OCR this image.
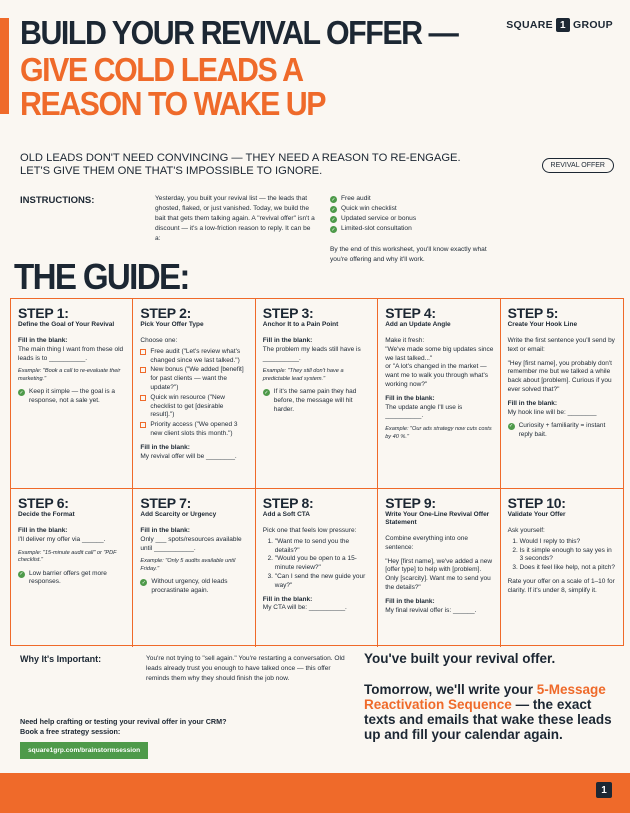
BUILD YOUR REVIVAL OFFER —
GIVE COLD LEADS A
REASON TO WAKE UP
SQUARE 1 GROUP
OLD LEADS DON'T NEED CONVINCING — THEY NEED A REASON TO RE-ENGAGE.
LET'S GIVE THEM ONE THAT'S IMPOSSIBLE TO IGNORE.	REVIVAL OFFER
INSTRUCTIONS:	Yesterday, you built your revival list — the leads that ghosted, flaked, or just vanished. Today, we build the bait that gets them talking again. A "revival offer" isn't a discount — it's a low-friction reason to reply. It can be a:
✓ Free audit
✓ Quick win checklist
✓ Updated service or bonus
✓ Limited-slot consultation
By the end of this worksheet, you'll know exactly what you're offering and why it'll work.
THE GUIDE:
STEP 1:
Define the Goal of Your Revival
Fill in the blank:
The main thing I want from these old leads is to __________.
Example: "Book a call to re-evaluate their marketing."
✓ Keep it simple — the goal is a response, not a sale yet.
STEP 2:
Pick Your Offer Type
Choose one:
Free audit ("Let's review what's changed since we last talked.")
New bonus ("We added [benefit] for past clients — want the update?")
Quick win resource ("New checklist to get [desirable result].")
Priority access ("We opened 3 new client slots this month.")
Fill in the blank:
My revival offer will be ________.
STEP 3:
Anchor It to a Pain Point
Fill in the blank:
The problem my leads still have is __________.
Example: "They still don't have a predictable lead system."
✓ If it's the same pain they had before, the message will hit harder.
STEP 4:
Add an Update Angle
Make it fresh:
"We've made some big updates since we last talked..."
or "A lot's changed in the market — want me to walk you through what's working now?"
Fill in the blank:
The update angle I'll use is __________.
Example: "Our ads strategy now cuts costs by 40 %."
STEP 5:
Create Your Hook Line
Write the first sentence you'll send by text or email:
"Hey [first name], you probably don't remember me but we talked a while back about [problem]. Curious if you ever solved that?"
Fill in the blank:
My hook line will be: ________
✓ Curiosity + familiarity = instant reply bait.
STEP 6:
Decide the Format
Fill in the blank:
I'll deliver my offer via ______.
Example: "15-minute audit call" or "PDF checklist."
✓ Low barrier offers get more responses.
STEP 7:
Add Scarcity or Urgency
Fill in the blank:
Only ___ spots/resources available until ___________.
Example: "Only 5 audits available until Friday."
✓ Without urgency, old leads procrastinate again.
STEP 8:
Add a Soft CTA
Pick one that feels low pressure:
1. "Want me to send you the details?"
2. "Would you be open to a 15-minute review?"
3. "Can I send the new guide your way?"
Fill in the blank:
My CTA will be: __________.
STEP 9:
Write Your One-Line Revival Offer Statement
Combine everything into one sentence:
"Hey [first name], we've added a new [offer type] to help with [problem]. Only [scarcity]. Want me to send you the details?"
Fill in the blank:
My final revival offer is: ______.
STEP 10:
Validate Your Offer
Ask yourself:
1. Would I reply to this?
2. Is it simple enough to say yes in 3 seconds?
3. Does it feel like help, not a pitch?
Rate your offer on a scale of 1–10 for clarity. If it's under 8, simplify it.
Why It's Important:	You're not trying to "sell again." You're restarting a conversation. Old leads already trust you enough to have talked once — this offer reminds them why they should finish the job now.
You've built your revival offer.
Tomorrow, we'll write your 5-Message Reactivation Sequence — the exact texts and emails that wake these leads up and fill your calendar again.
Need help crafting or testing your revival offer in your CRM?
Book a free strategy session:
square1grp.com/brainstormsession
1
